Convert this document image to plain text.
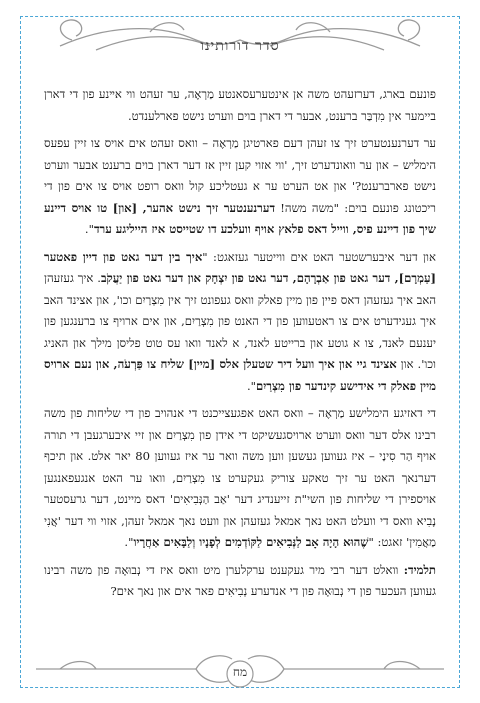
סדר דורותינו

פונעם בארג, דערזעהט משה אן אינטערעסאנטע מַרְאֶה, ער זעהט ווי אײנע פון די דארן ביימער אין מִדְבַּר ברענט, אבער די דארן בוים ווערט נישט פארלענדט.

ער דערנענטערט זיך צו זעהן דעם פארטיגן מַרְאֶה – וואס זעהט אים אויס צו זיין עפעס הימליש – און ער וואונדערט זיך, 'ווי אזוי קען זיין אז דער דארן בוים ברענט אבער ווערט נישט פארברענט?' און אט הערט ער א געטליכע קול וואס רופט אויס צו אים פון די ריכטונג פונעם בוים: "משה משה! דערנענטער זיך נישט אהער, [און] טו אויס דיינע שיך פון דיינע פיס, ווייל דאס פלאץ אויף וועלכע דו שטייסט איז הייליגע ערד".

און דער איבערשטער האט אים ווייטער געזאגט: "איך בין דער גאט פון דיין פאטער [עַמְרָם], דער גאט פון אַבְרָהָם, דער גאט פון יִצְחָק און דער גאט פון יַעֲקֹב. איך געזעהן האב איך געזעהן דאס פיין פון מיין פאלק וואס געפונט זיך אין מִצְרַיִם וכו', און אצינד האב איך געגידערט אים צו ראטעווען פון די האנט פון מִצְרַיִם, און אים ארויף צו ברענגען פון יענעם לאנד, צו א גוטע און ברייטע לאנד, א לאנד וואו עס טוט פליסן מילך און האניג וכו'. און אצינד גיי און איך וועל דיר שטעלן אלס [מיין] שליח צו פַּרְעֹה, און נעם ארויס מיין פאלק די אידישע קינדער פון מִצְרַיִם".

די דאזיגע הימלישע מַרְאֶה – וואס האט אפגעצייכנט די אנהויב פון די שליחות פון משה רבינו אלס דער וואס ווערט ארויסגעשיקט די אידן פון מִצְרַיִם און זיי איבערגעבן די תורה אויף הַר סִינַי – איז געווען געשען ווען משה וואר ער איז געווען 80 יאר אלט. און תיכף דערנאך האט ער זיך טאקע צוריק געקערט צו מִצְרַיִם, וואו ער האט אנגעפאנגען אויספירן די שליחות פון השי"ת זייענדיג דער 'אַב הַנְּבִיאִים' דאס מיינט, דער גרעסטער נָבִיא וואס די וועלט האט נאך אמאל געזעהן און וועט נאך אמאל זעהן, אזוי ווי דער 'אֲנִי מַאֲמִין' זאגט: "שֶׁהוּא הָיָה אָב לַנְּבִיאִים לַקּוֹדְמִים לְפָנָיו וְלַבָּאִים אַחֲרָיו".

תלמיד: וואלט דער רבי מיר געקענט ערקלערן מיט וואס איז די נְבוּאָה פון משה רבינו געווען העכער פון די נְבוּאָה פון די אנדערע נְבִיאִים פאר אים און נאך אים?

מח
